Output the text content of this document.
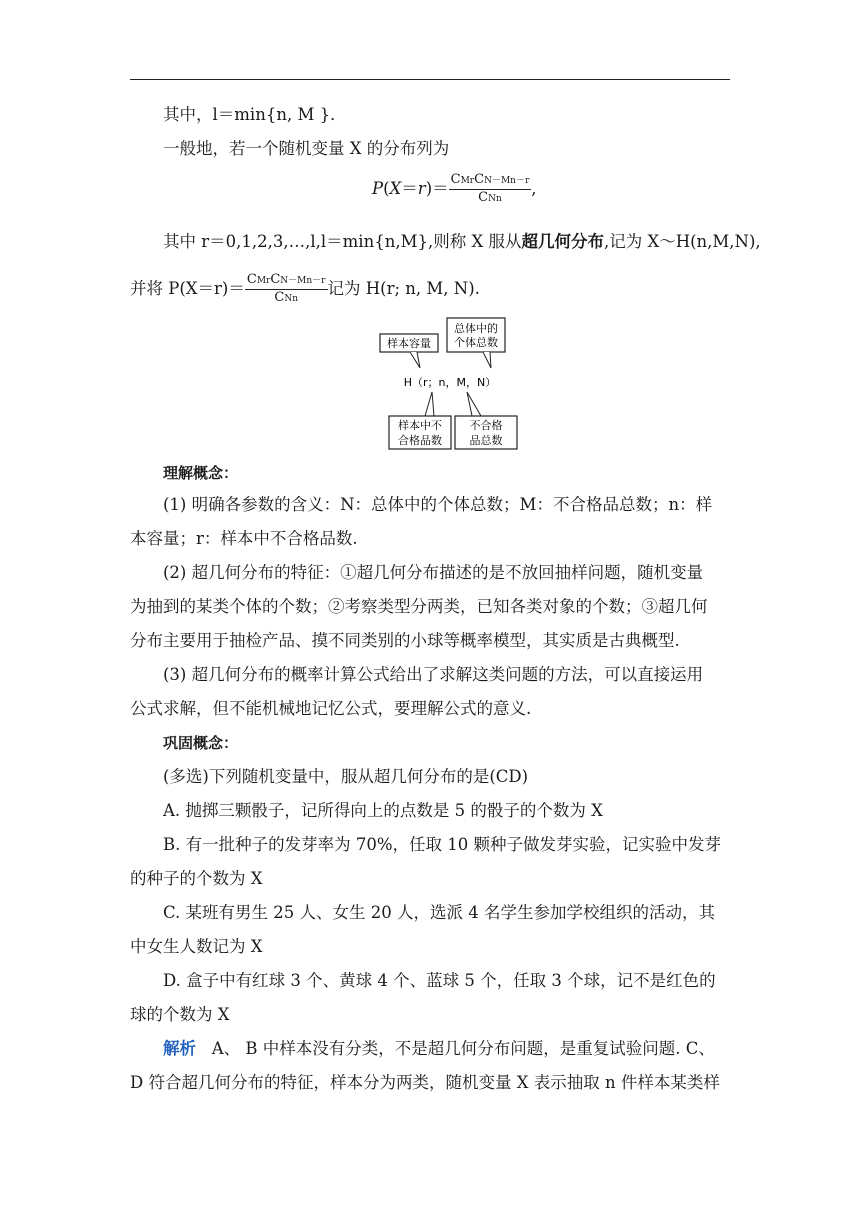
其中，l＝min{n, M }．
一般地，若一个随机变量 X 的分布列为
$P(X=r)= \frac{\text{CMrCN－Mn－r}}{\text{CNn}}$ ,
其中 r＝0,1,2,3,…,l,l＝min{n,M},则称 X 服从超几何分布,记为 X～H(n,M,N),
并将 $P(X=r)= \frac{\text{CMrCN－Mn－r}}{\text{CNn}}$ 记为 H(r; n, M, N).
样本容量
总体中的
个体总数
H（r；n，M，N）
样本中不
合格品数
不合格
品总数
理解概念：
(1) 明确各参数的含义：N：总体中的个体总数；M：不合格品总数；n：样
本容量；r：样本中不合格品数.
(2) 超几何分布的特征：①超几何分布描述的是不放回抽样问题，随机变量
为抽到的某类个体的个数；②考察类型分两类，已知各类对象的个数；③超几何
分布主要用于抽检产品、摸不同类别的小球等概率模型，其实质是古典概型.
(3) 超几何分布的概率计算公式给出了求解这类问题的方法，可以直接运用
公式求解，但不能机械地记忆公式，要理解公式的意义.
巩固概念：
(多选)下列随机变量中，服从超几何分布的是(CD)
A. 抛掷三颗骰子，记所得向上的点数是 5 的骰子的个数为 X
B. 有一批种子的发芽率为 70%，任取 10 颗种子做发芽实验，记实验中发芽
的种子的个数为 X
C. 某班有男生 25 人、女生 20 人，选派 4 名学生参加学校组织的活动，其
中女生人数记为 X
D. 盒子中有红球 3 个、黄球 4 个、蓝球 5 个，任取 3 个球，记不是红色的
球的个数为 X
解析 A、 B 中样本没有分类，不是超几何分布问题，是重复试验问题. C、
D 符合超几何分布的特征，样本分为两类，随机变量 X 表示抽取 n 件样本某类样
